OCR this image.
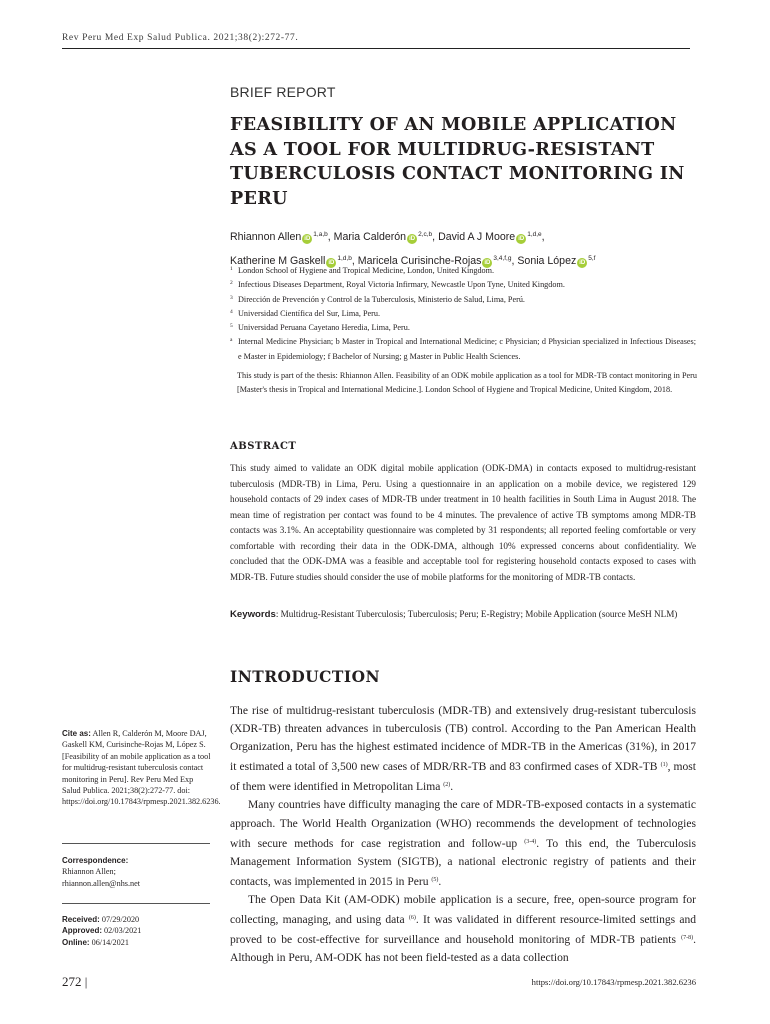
Rev Peru Med Exp Salud Publica. 2021;38(2):272-77.
BRIEF REPORT
FEASIBILITY OF AN MOBILE APPLICATION
AS A TOOL FOR MULTIDRUG-RESISTANT
TUBERCULOSIS CONTACT MONITORING IN
PERU
Rhiannon Allen iD$^{1,a,b}$, Maria Calderón iD$^{2,c,b}$, David A J Moore iD$^{1,d,e}$,
Katherine M Gaskell iD$^{1,d,b}$, Maricela Curisinche-Rojas iD$^{3,4,f,g}$, Sonia López iD$^{5,f}$
1 London School of Hygiene and Tropical Medicine, London, United Kingdom.
2 Infectious Diseases Department, Royal Victoria Infirmary, Newcastle Upon Tyne, United Kingdom.
3 Dirección de Prevención y Control de la Tuberculosis, Ministerio de Salud, Lima, Perú.
4 Universidad Científica del Sur, Lima, Peru.
5 Universidad Peruana Cayetano Heredia, Lima, Peru.
a Internal Medicine Physician; b Master in Tropical and International Medicine; c Physician; d Physician specialized in Infectious Diseases; e Master in Epidemiology; f Bachelor of Nursing; g Master in Public Health Sciences.
This study is part of the thesis: Rhiannon Allen. Feasibility of an ODK mobile application as a tool for MDR-TB contact monitoring in Peru [Master's thesis in Tropical and International Medicine.]. London School of Hygiene and Tropical Medicine, United Kingdom, 2018.
ABSTRACT
This study aimed to validate an ODK digital mobile application (ODK-DMA) in contacts exposed to multidrug-resistant tuberculosis (MDR-TB) in Lima, Peru. Using a questionnaire in an application on a mobile device, we registered 129 household contacts of 29 index cases of MDR-TB under treatment in 10 health facilities in South Lima in August 2018. The mean time of registration per contact was found to be 4 minutes. The prevalence of active TB symptoms among MDR-TB contacts was 3.1%. An acceptability questionnaire was completed by 31 respondents; all reported feeling comfortable or very comfortable with recording their data in the ODK-DMA, although 10% expressed concerns about confidentiality. We concluded that the ODK-DMA was a feasible and acceptable tool for registering household contacts exposed to cases with MDR-TB. Future studies should consider the use of mobile platforms for the monitoring of MDR-TB contacts.
Keywords: Multidrug-Resistant Tuberculosis; Tuberculosis; Peru; E-Registry; Mobile Application (source MeSH NLM)
INTRODUCTION

The rise of multidrug-resistant tuberculosis (MDR-TB) and extensively drug-resistant tuberculosis (XDR-TB) threaten advances in tuberculosis (TB) control. According to the Pan American Health Organization, Peru has the highest estimated incidence of MDR-TB in the Americas (31%), in 2017 it estimated a total of 3,500 new cases of MDR/RR-TB and 83 confirmed cases of XDR-TB $^{(1)}$, most of them were identified in Metropolitan Lima $^{(2)}$.

Many countries have difficulty managing the care of MDR-TB-exposed contacts in a systematic approach. The World Health Organization (WHO) recommends the development of technologies with secure methods for case registration and follow-up $^{(3-4)}$. To this end, the Tuberculosis Management Information System (SIGTB), a national electronic registry of patients and their contacts, was implemented in 2015 in Peru $^{(5)}$.

The Open Data Kit (AM-ODK) mobile application is a secure, free, open-source program for collecting, managing, and using data $^{(6)}$. It was validated in different resource-limited settings and proved to be cost-effective for surveillance and household monitoring of MDR-TB patients $^{(7-8)}$. Although in Peru, AM-ODK has not been field-tested as a data collection

Cite as: Allen R, Calderón M, Moore DAJ, Gaskell KM, Curisinche-Rojas M, López S. [Feasibility of an mobile application as a tool for multidrug-resistant tuberculosis contact monitoring in Peru]. Rev Peru Med Exp Salud Publica. 2021;38(2):272-77. doi: https://doi.org/10.17843/rpmesp.2021.382.6236.
Correspondence:
Rhiannon Allen;
rhiannon.allen@nhs.net
Received: 07/29/2020
Approved: 02/03/2021
Online: 06/14/2021
272 |	https://doi.org/10.17843/rpmesp.2021.382.6236
